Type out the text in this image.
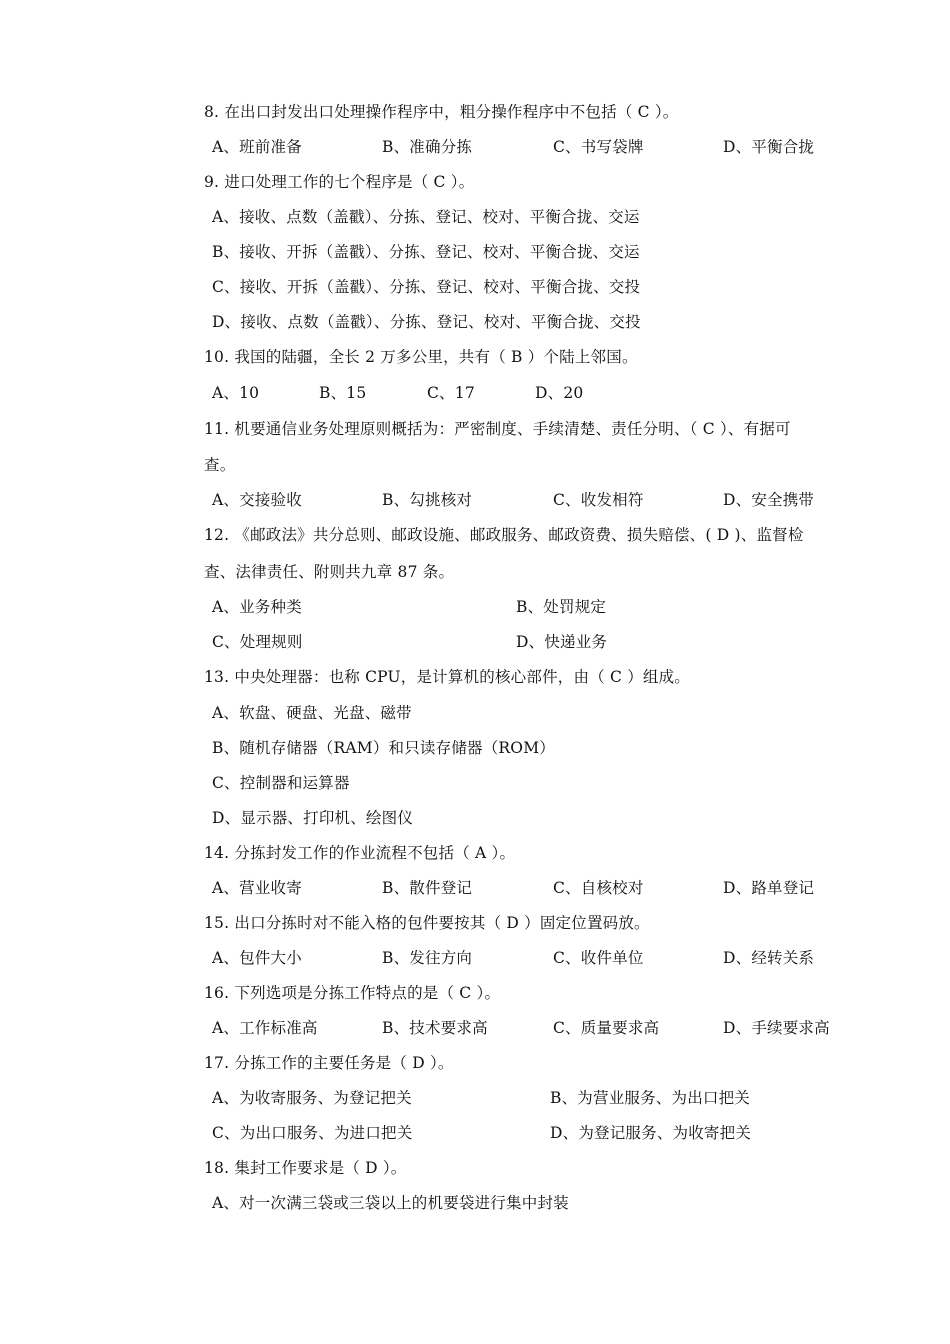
8. 在出口封发出口处理操作程序中，粗分操作程序中不包括（ C ）。
A、班前准备	B、准确分拣	C、书写袋牌	D、平衡合拢
9. 进口处理工作的七个程序是（ C ）。
A、接收、点数（盖戳）、分拣、登记、校对、平衡合拢、交运
B、接收、开拆（盖戳）、分拣、登记、校对、平衡合拢、交运
C、接收、开拆（盖戳）、分拣、登记、校对、平衡合拢、交投
D、接收、点数（盖戳）、分拣、登记、校对、平衡合拢、交投
10. 我国的陆疆，全长 2 万多公里，共有（ B ）个陆上邻国。
A、10	B、15	C、17	D、20
11. 机要通信业务处理原则概括为：严密制度、手续清楚、责任分明、（ C ）、有据可
查。
A、交接验收	B、勾挑核对	C、收发相符	D、安全携带
12. 《邮政法》共分总则、邮政设施、邮政服务、邮政资费、损失赔偿、( D )、监督检
查、法律责任、附则共九章 87 条。
A、业务种类	B、处罚规定
C、处理规则	D、快递业务
13. 中央处理器：也称 CPU，是计算机的核心部件，由（ C ）组成。
A、软盘、硬盘、光盘、磁带
B、随机存储器（RAM）和只读存储器（ROM）
C、控制器和运算器
D、显示器、打印机、绘图仪
14. 分拣封发工作的作业流程不包括（ A ）。
A、营业收寄	B、散件登记	C、自核校对	D、路单登记
15. 出口分拣时对不能入格的包件要按其（ D ）固定位置码放。
A、包件大小	B、发往方向	C、收件单位	D、经转关系
16. 下列选项是分拣工作特点的是（ C ）。
A、工作标准高	B、技术要求高	C、质量要求高	D、手续要求高
17. 分拣工作的主要任务是（ D ）。
A、为收寄服务、为登记把关	B、为营业服务、为出口把关
C、为出口服务、为进口把关	D、为登记服务、为收寄把关
18. 集封工作要求是（ D ）。
A、对一次满三袋或三袋以上的机要袋进行集中封装
